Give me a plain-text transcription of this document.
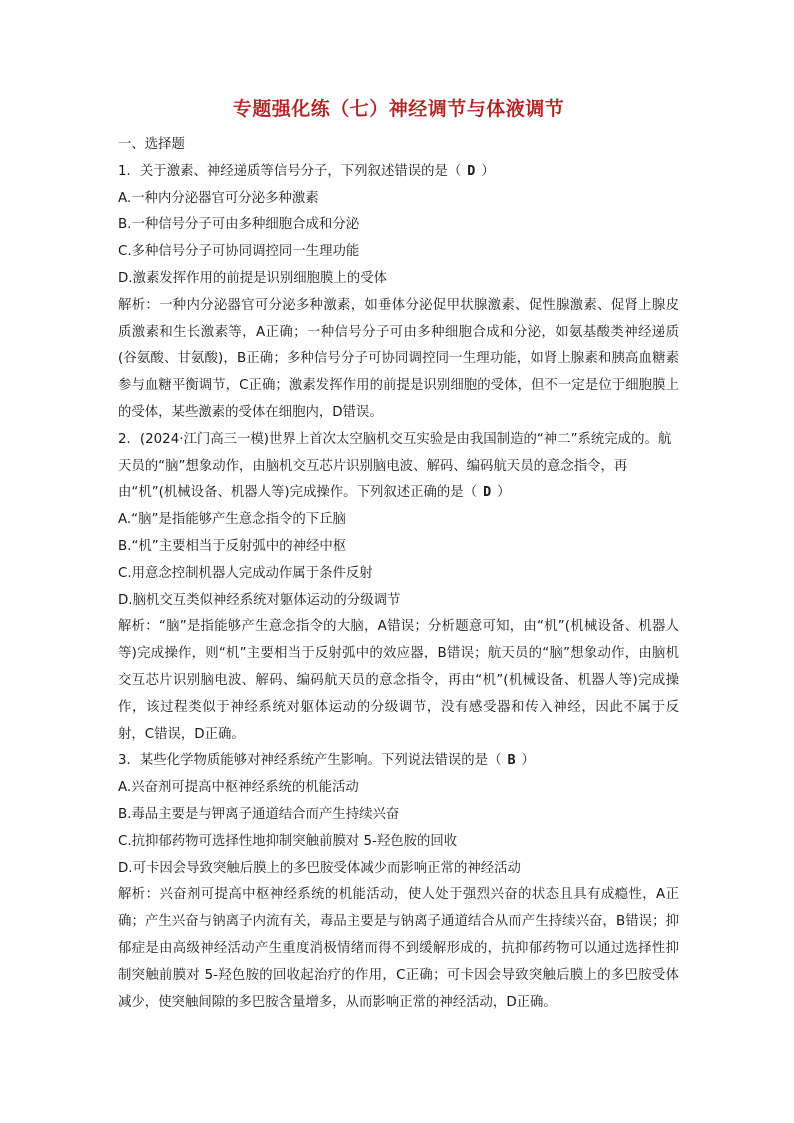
专题强化练（七）神经调节与体液调节
一、选择题
1．关于激素、神经递质等信号分子，下列叙述错误的是（ D ）
A.一种内分泌器官可分泌多种激素
B.一种信号分子可由多种细胞合成和分泌
C.多种信号分子可协同调控同一生理功能
D.激素发挥作用的前提是识别细胞膜上的受体
解析：一种内分泌器官可分泌多种激素，如垂体分泌促甲状腺激素、促性腺激素、促肾上腺皮质激素和生长激素等，A正确；一种信号分子可由多种细胞合成和分泌，如氨基酸类神经递质(谷氨酸、甘氨酸)，B正确；多种信号分子可协同调控同一生理功能，如肾上腺素和胰高血糖素参与血糖平衡调节，C正确；激素发挥作用的前提是识别细胞的受体，但不一定是位于细胞膜上的受体，某些激素的受体在细胞内，D错误。
2．(2024·江门高三一模)世界上首次太空脑机交互实验是由我国制造的“神二”系统完成的。航天员的“脑”想象动作，由脑机交互芯片识别脑电波、解码、编码航天员的意念指令，再由“机”(机械设备、机器人等)完成操作。下列叙述正确的是（ D ）
A.“脑”是指能够产生意念指令的下丘脑
B.“机”主要相当于反射弧中的神经中枢
C.用意念控制机器人完成动作属于条件反射
D.脑机交互类似神经系统对躯体运动的分级调节
解析：“脑”是指能够产生意念指令的大脑，A错误；分析题意可知，由“机”(机械设备、机器人等)完成操作，则“机”主要相当于反射弧中的效应器，B错误；航天员的“脑”想象动作，由脑机交互芯片识别脑电波、解码、编码航天员的意念指令，再由“机”(机械设备、机器人等)完成操作，该过程类似于神经系统对躯体运动的分级调节，没有感受器和传入神经，因此不属于反射，C错误，D正确。
3．某些化学物质能够对神经系统产生影响。下列说法错误的是（ B ）
A.兴奋剂可提高中枢神经系统的机能活动
B.毒品主要是与钾离子通道结合而产生持续兴奋
C.抗抑郁药物可选择性地抑制突触前膜对 5-羟色胺的回收
D.可卡因会导致突触后膜上的多巴胺受体减少而影响正常的神经活动
解析：兴奋剂可提高中枢神经系统的机能活动，使人处于强烈兴奋的状态且具有成瘾性，A正确；产生兴奋与钠离子内流有关，毒品主要是与钠离子通道结合从而产生持续兴奋，B错误；抑郁症是由高级神经活动产生重度消极情绪而得不到缓解形成的，抗抑郁药物可以通过选择性抑制突触前膜对 5-羟色胺的回收起治疗的作用，C正确；可卡因会导致突触后膜上的多巴胺受体减少，使突触间隙的多巴胺含量增多，从而影响正常的神经活动，D正确。
